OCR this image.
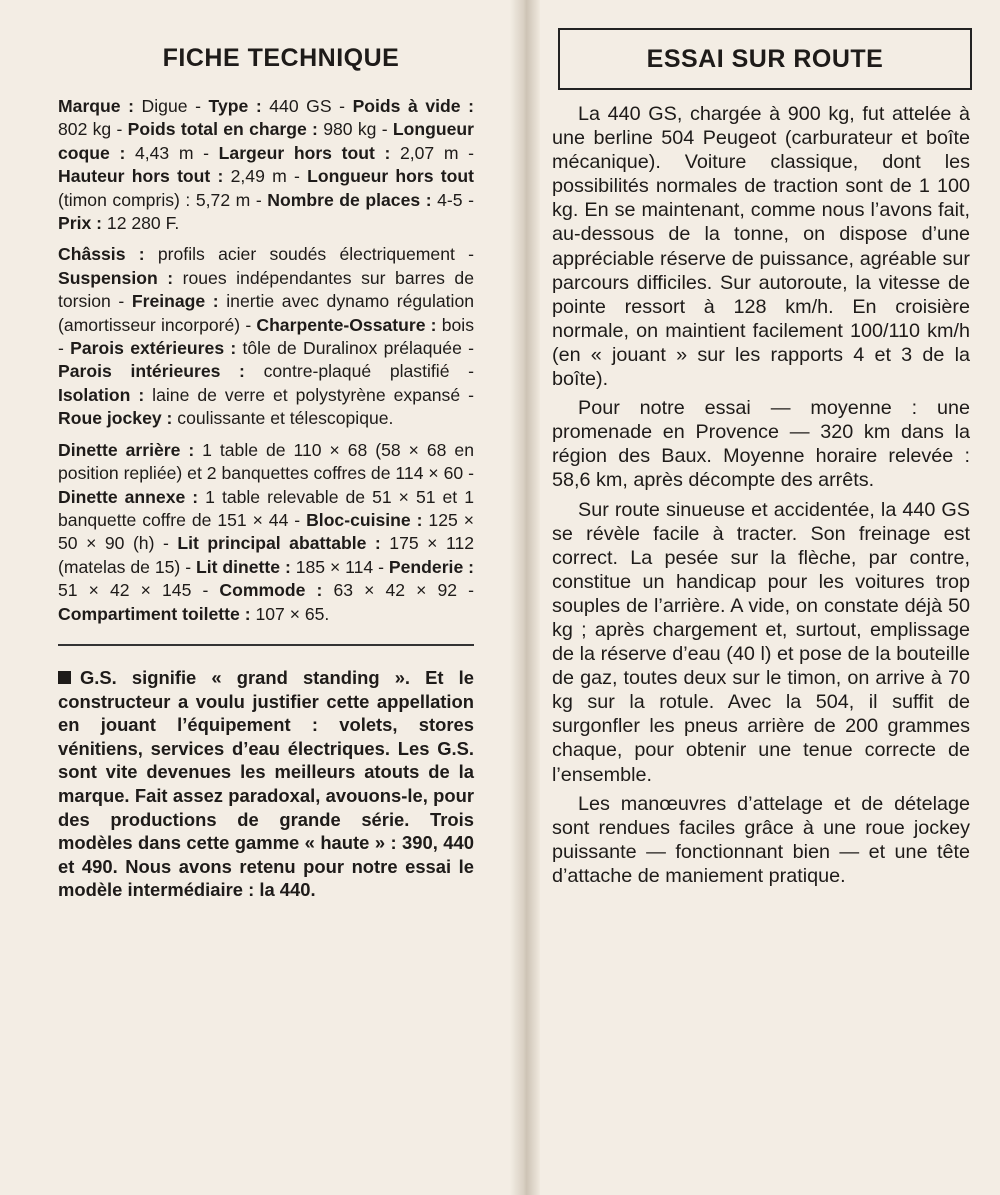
FICHE TECHNIQUE

Marque : Digue - Type : 440 GS - Poids à vide : 802 kg - Poids total en charge : 980 kg - Longueur coque : 4,43 m - Largeur hors tout : 2,07 m - Hauteur hors tout : 2,49 m - Longueur hors tout (timon compris) : 5,72 m - Nombre de places : 4-5 - Prix : 12 280 F.

Châssis : profils acier soudés électriquement - Suspension : roues indépendantes sur barres de torsion - Freinage : inertie avec dynamo régulation (amortisseur incorporé) - Charpente-Ossature : bois - Parois extérieures : tôle de Duralinox prélaquée - Parois intérieures : contre-plaqué plastifié - Isolation : laine de verre et polystyrène expansé - Roue jockey : coulissante et télescopique.

Dinette arrière : 1 table de 110 × 68 (58 × 68 en position repliée) et 2 banquettes coffres de 114 × 60 - Dinette annexe : 1 table relevable de 51 × 51 et 1 banquette coffre de 151 × 44 - Bloc-cuisine : 125 × 50 × 90 (h) - Lit principal abattable : 175 × 112 (matelas de 15) - Lit dinette : 185 × 114 - Penderie : 51 × 42 × 145 - Commode : 63 × 42 × 92 - Compartiment toilette : 107 × 65.

G.S. signifie « grand standing ». Et le constructeur a voulu justifier cette appellation en jouant l’équipement : volets, stores vénitiens, services d’eau électriques. Les G.S. sont vite devenues les meilleurs atouts de la marque. Fait assez paradoxal, avouons-le, pour des productions de grande série. Trois modèles dans cette gamme « haute » : 390, 440 et 490. Nous avons retenu pour notre essai le modèle intermédiaire : la 440.

ESSAI SUR ROUTE

La 440 GS, chargée à 900 kg, fut attelée à une berline 504 Peugeot (carburateur et boîte mécanique). Voiture classique, dont les possibilités normales de traction sont de 1 100 kg. En se maintenant, comme nous l’avons fait, au-dessous de la tonne, on dispose d’une appréciable réserve de puissance, agréable sur parcours difficiles. Sur autoroute, la vitesse de pointe ressort à 128 km/h. En croisière normale, on maintient facilement 100/110 km/h (en « jouant » sur les rapports 4 et 3 de la boîte).

Pour notre essai — moyenne : une promenade en Provence — 320 km dans la région des Baux. Moyenne horaire relevée : 58,6 km, après décompte des arrêts.

Sur route sinueuse et accidentée, la 440 GS se révèle facile à tracter. Son freinage est correct. La pesée sur la flèche, par contre, constitue un handicap pour les voitures trop souples de l’arrière. A vide, on constate déjà 50 kg ; après chargement et, surtout, emplissage de la réserve d’eau (40 l) et pose de la bouteille de gaz, toutes deux sur le timon, on arrive à 70 kg sur la rotule. Avec la 504, il suffit de surgonfler les pneus arrière de 200 grammes chaque, pour obtenir une tenue correcte de l’ensemble.

Les manœuvres d’attelage et de dételage sont rendues faciles grâce à une roue jockey puissante — fonctionnant bien — et une tête d’attache de maniement pratique.
